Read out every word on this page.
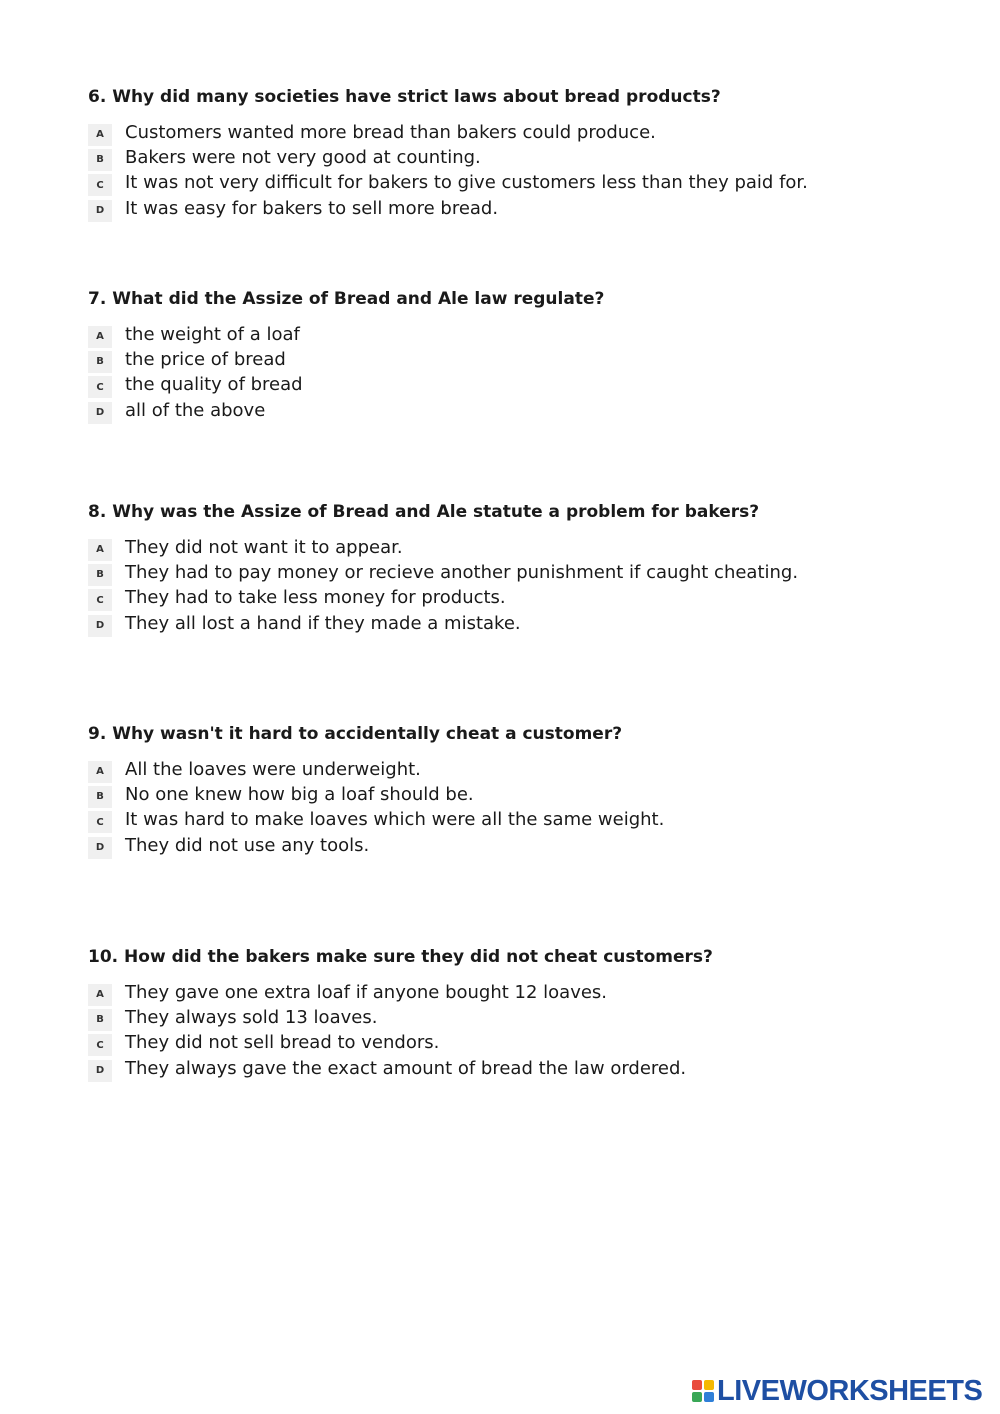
6. Why did many societies have strict laws about bread products?
A	Customers wanted more bread than bakers could produce.
B	Bakers were not very good at counting.
C	It was not very difficult for bakers to give customers less than they paid for.
D	It was easy for bakers to sell more bread.
7. What did the Assize of Bread and Ale law regulate?
A	the weight of a loaf
B	the price of bread
C	the quality of bread
D	all of the above
8. Why was the Assize of Bread and Ale statute a problem for bakers?
A	They did not want it to appear.
B	They had to pay money or recieve another punishment if caught cheating.
C	They had to take less money for products.
D	They all lost a hand if they made a mistake.
9. Why wasn't it hard to accidentally cheat a customer?
A	All the loaves were underweight.
B	No one knew how big a loaf should be.
C	It was hard to make loaves which were all the same weight.
D	They did not use any tools.
10. How did the bakers make sure they did not cheat customers?
A	They gave one extra loaf if anyone bought 12 loaves.
B	They always sold 13 loaves.
C	They did not sell bread to vendors.
D	They always gave the exact amount of bread the law ordered.
LIVEWORKSHEETS
